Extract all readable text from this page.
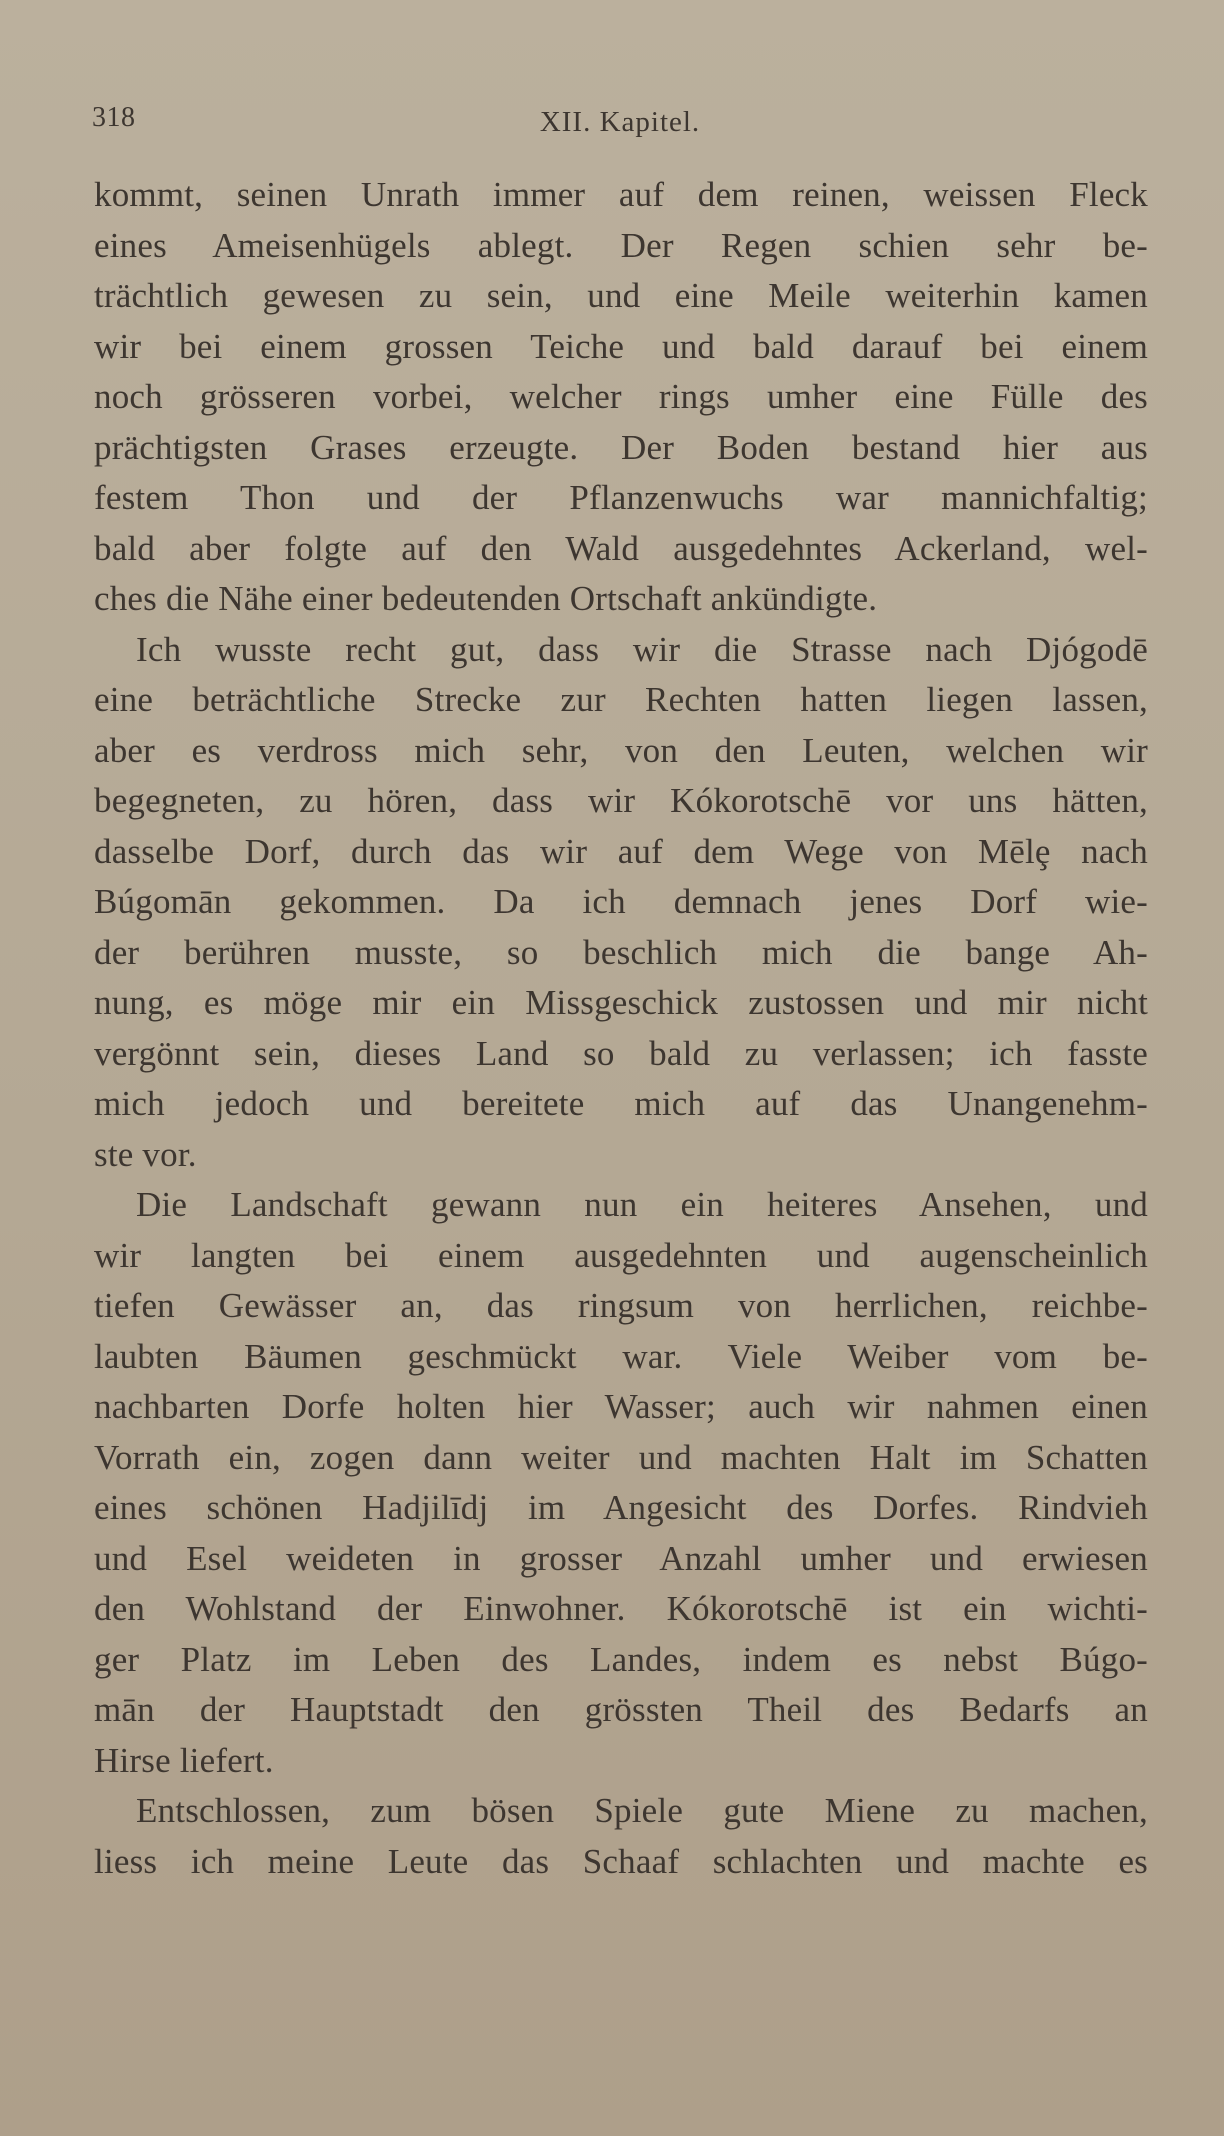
318	XII. Kapitel.
kommt, seinen Unrath immer auf dem reinen, weissen Fleck
eines Ameisenhügels ablegt. Der Regen schien sehr be-
trächtlich gewesen zu sein, und eine Meile weiterhin kamen
wir bei einem grossen Teiche und bald darauf bei einem
noch grösseren vorbei, welcher rings umher eine Fülle des
prächtigsten Grases erzeugte. Der Boden bestand hier aus
festem Thon und der Pflanzenwuchs war mannichfaltig;
bald aber folgte auf den Wald ausgedehntes Ackerland, wel-
ches die Nähe einer bedeutenden Ortschaft ankündigte.
Ich wusste recht gut, dass wir die Strasse nach Djógodē
eine beträchtliche Strecke zur Rechten hatten liegen lassen,
aber es verdross mich sehr, von den Leuten, welchen wir
begegneten, zu hören, dass wir Kókorotschē vor uns hätten,
dasselbe Dorf, durch das wir auf dem Wege von Mēlȩ nach
Búgomān gekommen. Da ich demnach jenes Dorf wie-
der berühren musste, so beschlich mich die bange Ah-
nung, es möge mir ein Missgeschick zustossen und mir nicht
vergönnt sein, dieses Land so bald zu verlassen; ich fasste
mich jedoch und bereitete mich auf das Unangenehm-
ste vor.
Die Landschaft gewann nun ein heiteres Ansehen, und
wir langten bei einem ausgedehnten und augenscheinlich
tiefen Gewässer an, das ringsum von herrlichen, reichbe-
laubten Bäumen geschmückt war. Viele Weiber vom be-
nachbarten Dorfe holten hier Wasser; auch wir nahmen einen
Vorrath ein, zogen dann weiter und machten Halt im Schatten
eines schönen Hadjilīdj im Angesicht des Dorfes. Rindvieh
und Esel weideten in grosser Anzahl umher und erwiesen
den Wohlstand der Einwohner. Kókorotschē ist ein wichti-
ger Platz im Leben des Landes, indem es nebst Búgo-
mān der Hauptstadt den grössten Theil des Bedarfs an
Hirse liefert.
Entschlossen, zum bösen Spiele gute Miene zu machen,
liess ich meine Leute das Schaaf schlachten und machte es
